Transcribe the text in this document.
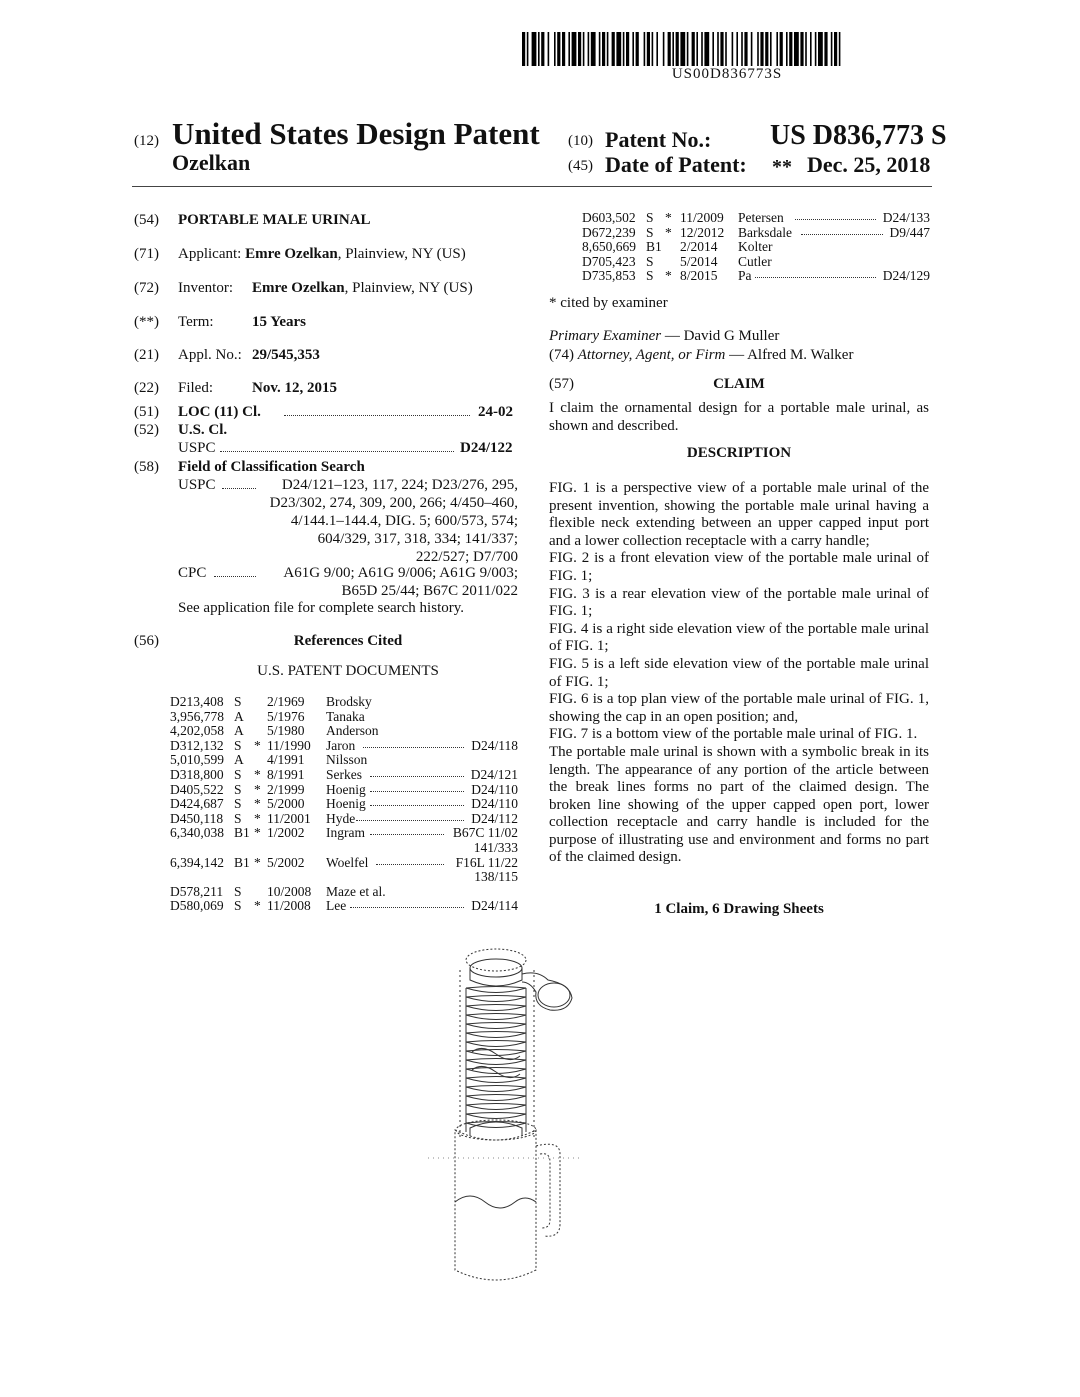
US00D836773S
(12) United States Design Patent
Ozelkan
(10) Patent No.: US D836,773 S
(45) Date of Patent: ** Dec. 25, 2018
(54) PORTABLE MALE URINAL
(71) Applicant: Emre Ozelkan, Plainview, NY (US)
(72) Inventor: Emre Ozelkan, Plainview, NY (US)
(**) Term:	15 Years
(21) Appl. No.: 29/545,353
(22) Filed:	Nov. 12, 2015
(51) LOC (11) Cl.	24-02
(52) U.S. Cl.
USPC	D24/122
(58) Field of Classification Search
USPC	D24/121–123, 117, 224; D23/276, 295,
D23/302, 274, 309, 200, 266; 4/450–460,
4/144.1–144.4, DIG. 5; 600/573, 574;
604/329, 317, 318, 334; 141/337;
222/527; D7/700
CPC	A61G 9/00; A61G 9/006; A61G 9/003;
B65D 25/44; B67C 2011/022
See application file for complete search history.
(56)	References Cited
U.S. PATENT DOCUMENTS
D213,408 S 2/1969 Brodsky
3,956,778 A 5/1976 Tanaka
4,202,058 A 5/1980 Anderson
D312,132 S * 11/1990 Jaron	D24/118
5,010,599 A 4/1991 Nilsson
D318,800 S * 8/1991 Serkes	D24/121
D405,522 S * 2/1999 Hoenig	D24/110
D424,687 S * 5/2000 Hoenig	D24/110
D450,118 S * 11/2001 Hyde	D24/112
6,340,038 B1 * 1/2002 Ingram	B67C 11/02
141/333
6,394,142 B1 * 5/2002 Woelfel	F16L 11/22
138/115
D578,211 S 10/2008 Maze et al.
D580,069 S * 11/2008 Lee	D24/114
D603,502 S * 11/2009 Petersen	D24/133
D672,239 S * 12/2012 Barksdale	D9/447
8,650,669 B1 2/2014 Kolter
D705,423 S 5/2014 Cutler
D735,853 S * 8/2015 Pa	D24/129
* cited by examiner
Primary Examiner — David G Muller
(74) Attorney, Agent, or Firm — Alfred M. Walker
(57)	CLAIM
I claim the ornamental design for a portable male urinal, as shown and described.
DESCRIPTION
FIG. 1 is a perspective view of a portable male urinal of the present invention, showing the portable male urinal having a flexible neck extending between an upper capped input port and a lower collection receptacle with a carry handle;
FIG. 2 is a front elevation view of the portable male urinal of FIG. 1;
FIG. 3 is a rear elevation view of the portable male urinal of FIG. 1;
FIG. 4 is a right side elevation view of the portable male urinal of FIG. 1;
FIG. 5 is a left side elevation view of the portable male urinal of FIG. 1;
FIG. 6 is a top plan view of the portable male urinal of FIG. 1, showing the cap in an open position; and,
FIG. 7 is a bottom view of the portable male urinal of FIG. 1.
The portable male urinal is shown with a symbolic break in its length. The appearance of any portion of the article between the break lines forms no part of the claimed design. The broken line showing of the upper capped open port, lower collection receptacle and carry handle is included for the purpose of illustrating use and environment and forms no part of the claimed design.
1 Claim, 6 Drawing Sheets
